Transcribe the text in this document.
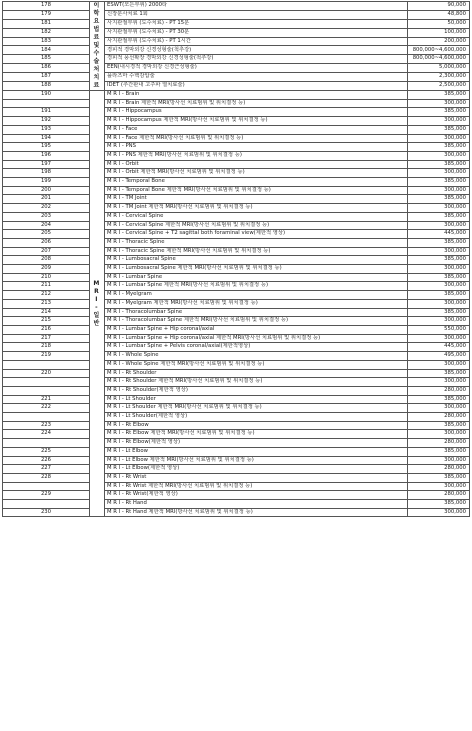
178	이 학 요 법 료 및 수 술 처 치 료	ESWT(모든부위) 2000타	90,000
179		신장분사치료 1회	48,800
181		사지관절부위 (도수치료) - PT 15분	50,000
182		사지관절부위 (도수치료) - PT 30분	100,000
183		사지관절부위 (도수치료) - PT 1시간	200,000
184		경피적 경막외강 신경성형술(척추강)	800,000~4,600,000
185		경피적 풍선확장 경막외강 신경성형술(척추강)	800,000~4,600,000
186		EEN(내시경적 경막외강 신경근성형술)	5,000,000
187		플라즈마 수핵감압술	2,300,000
188		IDET (추간판내 고주파 열치료술)	2,500,000
190	M R I - 일반	M R I - Brain	385,000
		M R I - Brain 제한적 MRI(방사선 치료범위 및 위치결정 등)	300,000
191		M R I - Hippocampus	385,000
192		M R I - Hippocampus 제한적 MRI(방사선 치료범위 및 위치결정 등)	300,000
193		M R I - Face	385,000
194		M R I - Face 제한적 MRI(방사선 치료범위 및 위치결정 등)	300,000
195		M R I - PNS	385,000
196		M R I - PNS 제한적 MRI(방사선 치료범위 및 위치결정 등)	300,000
197		M R I - Orbit	385,000
198		M R I - Orbit 제한적 MRI(방사선 치료범위 및 위치결정 등)	300,000
199		M R I - Temporal Bone	385,000
200		M R I - Temporal Bone 제한적 MRI(방사선 치료범위 및 위치결정 등)	300,000
201		M R I - TM Joint	385,000
202		M R I - TM Joint 제한적 MRI(방사선 치료범위 및 위치결정 등)	300,000
203		M R I - Cervical Spine	385,000
204		M R I - Cervical Spine 제한적 MRI(방사선 치료범위 및 위치결정 등)	300,000
205		M R I - Cervical Spine + T2 sagittal both foraminal view(제한적 영상)	445,000
206		M R I - Thoracic Spine	385,000
207		M R I - Thoracic Spine 제한적 MRI(방사선 치료범위 및 위치결정 등)	300,000
208		M R I - Lumbosacral Spine	385,000
209		M R I - Lumbosacral Spine 제한적 MRI(방사선 치료범위 및 위치결정 등)	300,000
210		M R I - Lumbar Spine	385,000
211		M R I - Lumbar Spine 제한적 MRI(방사선 치료범위 및 위치결정 등)	300,000
212		M R I - Myelgram	385,000
213		M R I - Myelgram 제한적 MRI(방사선 치료범위 및 위치결정 등)	300,000
214		M R I - Thoracolumbar Spine	385,000
215		M R I - Thoracolumbar Spine 제한적 MRI(방사선 치료범위 및 위치결정 등)	300,000
216		M R I - Lumbar Spine + Hip coronal/axial	550,000
217		M R I - Lumbar Spine + Hip coronal/axial 제한적 MRI(방사선 치료범위 및 위치결정 등)	300,000
218		M R I - Lumbar Spine + Pelvis coronal/axial(제한적영상)	445,000
219		M R I - Whole Spine	495,000
		M R I - Whole Spine 제한적 MRI(방사선 치료범위 및 위치결정 등)	300,000
220		M R I - Rt Shoulder	385,000
		M R I - Rt Shoulder 제한적 MRI(방사선 치료범위 및 위치결정 등)	300,000
		M R I - Rt Shoulder(제한적 영상)	280,000
221		M R I - Lt Shoulder	385,000
222		M R I - Lt Shoulder 제한적 MRI(방사선 치료범위 및 위치결정 등)	300,000
		M R I - Lt Shoulder(제한적 영상)	280,000
223		M R I - Rt Elbow	385,000
224		M R I - Rt Elbow 제한적 MRI(방사선 치료범위 및 위치결정 등)	300,000
		M R I - Rt Elbow(제한적 영상)	280,000
225		M R I - Lt Elbow	385,000
226		M R I - Lt Elbow 제한적 MRI(방사선 치료범위 및 위치결정 등)	300,000
227		M R I - Lt Elbow(제한적 영상)	280,000
228		M R I - Rt Wrist	385,000
		M R I - Rt Wrist 제한적 MRI(방사선 치료범위 및 위치결정 등)	300,000
229		M R I - Rt Wrist(제한적 영상)	280,000
		M R I - Rt Hand	385,000
230		M R I - Rt Hand 제한적 MRI(방사선 치료범위 및 위치결정 등)	300,000
